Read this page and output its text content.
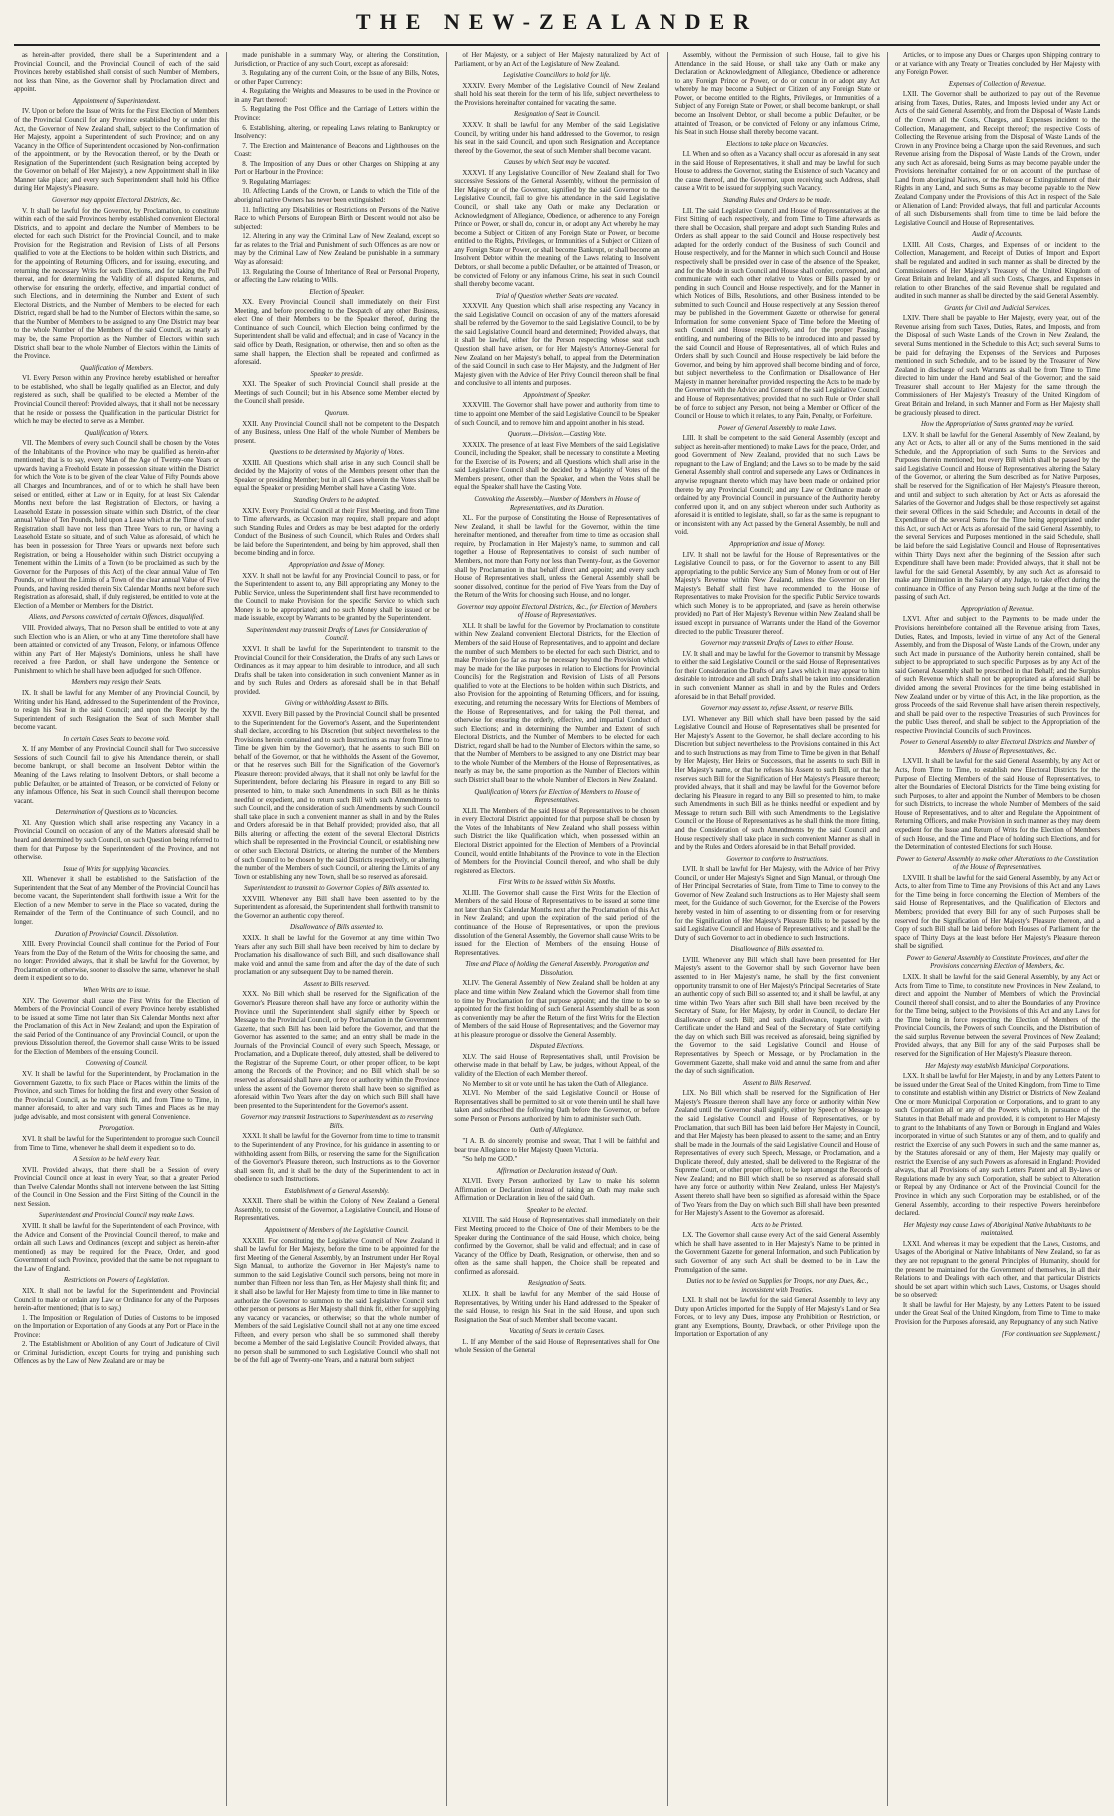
THE NEW-ZEALANDER
as herein-after provided, there shall be a Superintendent and a Provincial Council, and the Provincial Council of each of the said Provinces hereby established shall consist of such Number of Members, not less than Nine, as the Governor shall by Proclamation direct and appoint.
Appointment of Superintendent.
IV. Upon or before the Issue of Writs for the First Election of Members of the Provincial Council for any Province established by or under this Act, the Governor of New Zealand shall, subject to the Confirmation of Her Majesty, appoint a Superintendent of such Province; and on any Vacancy in the Office of Superintendent occasioned by Non-confirmation of the appointment, or by the Revocation thereof, or by the Death or Resignation of the Superintendent (such Resignation being accepted by the Governor on behalf of Her Majesty), a new Appointment shall in like Manner take place; and every such Superintendent shall hold his Office during Her Majesty's Pleasure.
Governor may appoint Electoral Districts, &c.
V. It shall be lawful for the Governor, by Proclamation, to constitute within each of the said Provinces hereby established convenient Electoral Districts, and to appoint and declare the Number of Members to be elected for each such District for the Provincial Council, and to make Provision for the Registration and Revision of Lists of all Persons qualified to vote at the Elections to be holden within such Districts, and for the appointing of Returning Officers, and for issuing, executing, and returning the necessary Writs for such Elections, and for taking the Poll thereat, and for determining the Validity of all disputed Returns, and otherwise for ensuring the orderly, effective, and impartial conduct of such Elections, and in determining the Number and Extent of such Electoral Districts, and the Number of Members to be elected for each District, regard shall be had to the Number of Electors within the same, so that the Number of Members to be assigned to any One District may bear to the whole Number of the Members of the said Council, as nearly as may be, the same Proportion as the Number of Electors within such District shall bear to the whole Number of Electors within the Limits of the Province.
Qualification of Members.
VI. Every Person within any Province hereby established or hereafter to be established, who shall be legally qualified as an Elector, and duly registered as such, shall be qualified to be elected a Member of the Provincial Council thereof: Provided always, that it shall not be necessary that he reside or possess the Qualification in the particular District for which he may be elected to serve as a Member.
Qualification of Voters.
VII. The Members of every such Council shall be chosen by the Votes of the Inhabitants of the Province who may be qualified as herein-after mentioned; that is to say, every Man of the Age of Twenty-one Years or upwards having a Freehold Estate in possession situate within the District for which the Vote is to be given of the clear Value of Fifty Pounds above all Charges and Incumbrances, and of or to which he shall have been seised or entitled, either at Law or in Equity, for at least Six Calendar Months next before the last Registration of Electors, or having a Leasehold Estate in possession situate within such District, of the clear annual Value of Ten Pounds, held upon a Lease which at the Time of such Registration shall have not less than Three Years to run, or having a Leasehold Estate so situate, and of such Value as aforesaid, of which he has been in possession for Three Years or upwards next before such Registration, or being a Householder within such District occupying a Tenement within the Limits of a Town (to be proclaimed as such by the Governor for the Purposes of this Act) of the clear annual Value of Ten Pounds, or without the Limits of a Town of the clear annual Value of Five Pounds, and having resided therein Six Calendar Months next before such Registration as aforesaid, shall, if duly registered, be entitled to vote at the Election of a Member or Members for the District.
Aliens, and Persons convicted of certain Offences, disqualified.
VIII. Provided always, That no Person shall be entitled to vote at any such Election who is an Alien, or who at any Time theretofore shall have been attainted or convicted of any Treason, Felony, or infamous Offence within any Part of Her Majesty's Dominions, unless he shall have received a free Pardon, or shall have undergone the Sentence or Punishment to which he shall have been adjudged for such Offence.
Members may resign their Seats.
IX. It shall be lawful for any Member of any Provincial Council, by Writing under his Hand, addressed to the Superintendent of the Province, to resign his Seat in the said Council; and upon the Receipt by the Superintendent of such Resignation the Seat of such Member shall become vacant.
In certain Cases Seats to become void.
X. If any Member of any Provincial Council shall for Two successive Sessions of such Council fail to give his Attendance therein, or shall become bankrupt, or shall become an Insolvent Debtor within the Meaning of the Laws relating to Insolvent Debtors, or shall become a public Defaulter, or be attainted of Treason, or be convicted of Felony or any infamous Offence, his Seat in such Council shall thereupon become vacant.
Determination of Questions as to Vacancies.
XI. Any Question which shall arise respecting any Vacancy in a Provincial Council on occasion of any of the Matters aforesaid shall be heard and determined by such Council, on such Question being referred to them for that Purpose by the Superintendent of the Province, and not otherwise.
Issue of Writs for supplying Vacancies.
XII. Whenever it shall be established to the Satisfaction of the Superintendent that the Seat of any Member of the Provincial Council has become vacant, the Superintendent shall forthwith issue a Writ for the Election of a new Member to serve in the Place so vacated, during the Remainder of the Term of the Continuance of such Council, and no longer.
Duration of Provincial Council. Dissolution.
XIII. Every Provincial Council shall continue for the Period of Four Years from the Day of the Return of the Writs for choosing the same, and no longer: Provided always, that it shall be lawful for the Governor, by Proclamation or otherwise, sooner to dissolve the same, whenever he shall deem it expedient so to do.
When Writs are to issue.
XIV. The Governor shall cause the First Writs for the Election of Members of the Provincial Council of every Province hereby established to be issued at some Time not later than Six Calendar Months next after the Proclamation of this Act in New Zealand; and upon the Expiration of the said Period of the Continuance of any Provincial Council, or upon the previous Dissolution thereof, the Governor shall cause Writs to be issued for the Election of Members of the ensuing Council.
Convening of Council.
XV. It shall be lawful for the Superintendent, by Proclamation in the Government Gazette, to fix such Place or Places within the limits of the Province, and such Times for holding the first and every other Session of the Provincial Council, as he may think fit, and from Time to Time, in manner aforesaid, to alter and vary such Times and Places as he may judge advisable, and most consistent with general Convenience.
Prorogation.
XVI. It shall be lawful for the Superintendent to prorogue such Council from Time to Time, whenever he shall deem it expedient so to do.
A Session to be held every Year.
XVII. Provided always, that there shall be a Session of every Provincial Council once at least in every Year, so that a greater Period than Twelve Calendar Months shall not intervene between the last Sitting of the Council in One Session and the First Sitting of the Council in the next Session.
Superintendent and Provincial Council may make Laws.
XVIII. It shall be lawful for the Superintendent of each Province, with the Advice and Consent of the Provincial Council thereof, to make and ordain all such Laws and Ordinances (except and subject as herein-after mentioned) as may be required for the Peace, Order, and good Government of such Province, provided that the same be not repugnant to the Law of England.
Restrictions on Powers of Legislation.
XIX. It shall not be lawful for the Superintendent and Provincial Council to make or ordain any Law or Ordinance for any of the Purposes herein-after mentioned; (that is to say,)
1. The Imposition or Regulation of Duties of Customs to be imposed on the Importation or Exportation of any Goods at any Port or Place in the Province:
2. The Establishment or Abolition of any Court of Judicature of Civil or Criminal Jurisdiction, except Courts for trying and punishing such Offences as by the Law of New Zealand are or may be
made punishable in a summary Way, or altering the Constitution, Jurisdiction, or Practice of any such Court, except as aforesaid:
3. Regulating any of the current Coin, or the Issue of any Bills, Notes, or other Paper Currency:
4. Regulating the Weights and Measures to be used in the Province or in any Part thereof:
5. Regulating the Post Office and the Carriage of Letters within the Province:
6. Establishing, altering, or repealing Laws relating to Bankruptcy or Insolvency:
7. The Erection and Maintenance of Beacons and Lighthouses on the Coast:
8. The Imposition of any Dues or other Charges on Shipping at any Port or Harbour in the Province:
9. Regulating Marriages:
10. Affecting Lands of the Crown, or Lands to which the Title of the aboriginal native Owners has never been extinguished:
11. Inflicting any Disabilities or Restrictions on Persons of the Native Race to which Persons of European Birth or Descent would not also be subjected:
12. Altering in any way the Criminal Law of New Zealand, except so far as relates to the Trial and Punishment of such Offences as are now or may by the Criminal Law of New Zealand be punishable in a summary Way as aforesaid:
13. Regulating the Course of Inheritance of Real or Personal Property, or affecting the Law relating to Wills.
Election of Speaker.
XX. Every Provincial Council shall immediately on their First Meeting, and before proceeding to the Despatch of any other Business, elect One of their Members to be the Speaker thereof, during the Continuance of such Council, which Election being confirmed by the Superintendent shall be valid and effectual; and in case of Vacancy in the said office by Death, Resignation, or otherwise, then and so often as the same shall happen, the Election shall be repeated and confirmed as aforesaid.
Speaker to preside.
XXI. The Speaker of such Provincial Council shall preside at the Meetings of such Council; but in his Absence some Member elected by the Council shall preside.
Quorum.
XXII. Any Provincial Council shall not be competent to the Despatch of any Business, unless One Half of the whole Number of Members be present.
Questions to be determined by Majority of Votes.
XXIII. All Questions which shall arise in any such Council shall be decided by the Majority of votes of the Members present other than the Speaker or presiding Member; but in all Cases wherein the Votes shall be equal the Speaker or presiding Member shall have a Casting Vote.
Standing Orders to be adopted.
XXIV. Every Provincial Council at their First Meeting, and from Time to Time afterwards, as Occasion may require, shall prepare and adopt such Standing Rules and Orders as may be best adapted for the orderly Conduct of the Business of such Council, which Rules and Orders shall be laid before the Superintendent, and being by him approved, shall then become binding and in force.
Appropriation and Issue of Money.
XXV. It shall not be lawful for any Provincial Council to pass, or for the Superintendent to assent to, any Bill appropriating any Money to the Public Service, unless the Superintendent shall first have recommended to the Council to make Provision for the specific Service to which such Money is to be appropriated; and no such Money shall be issued or be made issuable, except by Warrants to be granted by the Superintendent.
Superintendent may transmit Drafts of Laws for Consideration of Council.
XXVI. It shall be lawful for the Superintendent to transmit to the Provincial Council for their Consideration, the Drafts of any such Laws or Ordinances as it may appear to him desirable to introduce, and all such Drafts shall be taken into consideration in such convenient Manner as in and by such Rules and Orders as aforesaid shall be in that Behalf provided.
Giving or withholding Assent to Bills.
XXVII. Every Bill passed by the Provincial Council shall be presented to the Superintendent for the Governor's Assent, and the Superintendent shall declare, according to his Discretion (but subject nevertheless to the Provisions herein contained and to such Instructions as may from Time to Time be given him by the Governor), that he assents to such Bill on behalf of the Governor, or that he withholds the Assent of the Governor, or that he reserves such Bill for the Signification of the Governor's Pleasure thereon: provided always, that it shall not only be lawful for the Superintendent, before declaring his Pleasure in regard to any Bill so presented to him, to make such Amendments in such Bill as he thinks needful or expedient, and to return such Bill with such Amendments to such Council, and the consideration of such Amendments by such Council shall take place in such a convenient manner as shall in and by the Rules and Orders aforesaid be in that Behalf provided; provided also, that all Bills altering or affecting the extent of the several Electoral Districts which shall be represented in the Provincial Council, or establishing new or other such Electoral Districts, or altering the number of the Members of such Council to be chosen by the said Districts respectively, or altering the number of the Members of such Council, or altering the Limits of any Town or establishing any new Town, shall be so reserved as aforesaid.
Superintendent to transmit to Governor Copies of Bills assented to.
XXVIII. Whenever any Bill shall have been assented to by the Superintendent as aforesaid, the Superintendent shall forthwith transmit to the Governor an authentic copy thereof.
Disallowance of Bills assented to.
XXIX. It shall be lawful for the Governor at any time within Two Years after any such Bill shall have been received by him to declare by Proclamation his disallowance of such Bill, and such disallowance shall make void and annul the same from and after the day of the date of such proclamation or any subsequent Day to be named therein.
Assent to Bills reserved.
XXX. No Bill which shall be reserved for the Signification of the Governor's Pleasure thereon shall have any force or authority within the Province until the Superintendent shall signify either by Speech or Message to the Provincial Council, or by Proclamation in the Government Gazette, that such Bill has been laid before the Governor, and that the Governor has assented to the same; and an entry shall be made in the Journals of the Provincial Council of every such Speech, Message, or Proclamation, and a Duplicate thereof, duly attested, shall be delivered to the Registrar of the Supreme Court, or other proper officer, to be kept among the Records of the Province; and no Bill which shall be so reserved as aforesaid shall have any force or authority within the Province unless the assent of the Governor thereto shall have been so signified as aforesaid within Two Years after the day on which such Bill shall have been presented to the Superintendent for the Governor's assent.
Governor may transmit Instructions to Superintendent as to reserving Bills.
XXXI. It shall be lawful for the Governor from time to time to transmit to the Superintendent of any Province, for his guidance in assenting to or withholding assent from Bills, or reserving the same for the Signification of the Governor's Pleasure thereon, such Instructions as to the Governor shall seem fit, and it shall be the duty of the Superintendent to act in obedience to such Instructions.
Establishment of a General Assembly.
XXXII. There shall be within the Colony of New Zealand a General Assembly, to consist of the Governor, a Legislative Council, and House of Representatives.
Appointment of Members of the Legislative Council.
XXXIII. For constituting the Legislative Council of New Zealand it shall be lawful for Her Majesty, before the time to be appointed for the first Meeting of the General Assembly, by an Instrument under Her Royal Sign Manual, to authorize the Governor in Her Majesty's name to summon to the said Legislative Council such persons, being not more in number than Fifteen nor less than Ten, as Her Majesty shall think fit; and it shall also be lawful for Her Majesty from time to time in like manner to authorize the Governor to summon to the said Legislative Council such other person or persons as Her Majesty shall think fit, either for supplying any vacancy or vacancies, or otherwise; so that the whole number of Members of the said Legislative Council shall not at any one time exceed Fifteen, and every person who shall be so summoned shall thereby become a Member of the said Legislative Council: Provided always, that no person shall be summoned to such Legislative Council who shall not be of the full age of Twenty-one Years, and a natural born subject
of Her Majesty, or a subject of Her Majesty naturalized by Act of Parliament, or by an Act of the Legislature of New Zealand.
Legislative Councillors to hold for life.
XXXIV. Every Member of the Legislative Council of New Zealand shall hold his seat therein for the term of his life, subject nevertheless to the Provisions hereinafter contained for vacating the same.
Resignation of Seat in Council.
XXXV. It shall be lawful for any Member of the said Legislative Council, by writing under his hand addressed to the Governor, to resign his seat in the said Council, and upon such Resignation and Acceptance thereof by the Governor, the seat of such Member shall become vacant.
Causes by which Seat may be vacated.
XXXVI. If any Legislative Councillor of New Zealand shall for Two successive Sessions of the General Assembly, without the permission of Her Majesty or of the Governor, signified by the said Governor to the Legislative Council, fail to give his attendance in the said Legislative Council, or shall take any Oath or make any Declaration or Acknowledgment of Allegiance, Obedience, or adherence to any Foreign Prince or Power, or shall do, concur in, or adopt any Act whereby he may become a Subject or Citizen of any Foreign State or Power, or become entitled to the Rights, Privileges, or Immunities of a Subject or Citizen of any Foreign State or Power, or shall become Bankrupt, or shall become an Insolvent Debtor within the meaning of the Laws relating to Insolvent Debtors, or shall become a public Defaulter, or be attainted of Treason, or be convicted of Felony or any infamous Crime, his seat in such Council shall thereby become vacant.
Trial of Question whether Seats are vacated.
XXXVII. Any Question which shall arise respecting any Vacancy in the said Legislative Council on occasion of any of the matters aforesaid shall be referred by the Governor to the said Legislative Council, to be by the said Legislative Council heard and determined; Provided always, that it shall be lawful, either for the Person respecting whose seat such Question shall have arisen, or for Her Majesty's Attorney-General for New Zealand on her Majesty's behalf, to appeal from the Determination of the said Council in such case to Her Majesty, and the Judgment of Her Majesty given with the Advice of Her Privy Council thereon shall be final and conclusive to all intents and purposes.
Appointment of Speaker.
XXXVIII. The Governor shall have power and authority from time to time to appoint one Member of the said Legislative Council to be Speaker of such Council, and to remove him and appoint another in his stead.
Quorum.—Division.—Casting Vote.
XXXIX. The presence of at least Five Members of the said Legislative Council, including the Speaker, shall be necessary to constitute a Meeting for the Exercise of its Powers; and all Questions which shall arise in the said Legislative Council shall be decided by a Majority of Votes of the Members present, other than the Speaker, and when the Votes shall be equal the Speaker shall have the Casting Vote.
Convoking the Assembly.—Number of Members in House of Representatives, and its Duration.
XL. For the purpose of Constituting the House of Representatives of New Zealand, it shall be lawful for the Governor, within the time hereinafter mentioned, and thereafter from time to time as occasion shall require, by Proclamation in Her Majesty's name, to summon and call together a House of Representatives to consist of such number of Members, not more than Forty nor less than Twenty-four, as the Governor shall by Proclamation in that behalf direct and appoint; and every such House of Representatives shall, unless the General Assembly shall be sooner dissolved, continue for the period of Five Years from the Day of the Return of the Writs for choosing such House, and no longer.
Governor may appoint Electoral Districts, &c., for Election of Members of House of Representatives.
XLI. It shall be lawful for the Governor by Proclamation to constitute within New Zealand convenient Electoral Districts, for the Election of Members of the said House of Representatives, and to appoint and declare the number of such Members to be elected for each such District, and to make Provision (so far as may be necessary beyond the Provision which may be made for the like purposes in relation to Elections for Provincial Councils) for the Registration and Revision of Lists of all Persons qualified to vote at the Elections to be holden within such Districts, and also Provision for the appointing of Returning Officers, and for issuing, executing, and returning the necessary Writs for Elections of Members of the House of Representatives, and for taking the Poll thereat, and otherwise for ensuring the orderly, effective, and impartial Conduct of such Elections; and in determining the Number and Extent of such Electoral Districts, and the Number of Members to be elected for each District, regard shall be had to the Number of Electors within the same, so that the Number of Members to be assigned to any one District may bear to the whole Number of the Members of the House of Representatives, as nearly as may be, the same proportion as the Number of Electors within such District shall bear to the whole Number of Electors in New Zealand.
Qualification of Voters for Election of Members to House of Representatives.
XLII. The Members of the said House of Representatives to be chosen in every Electoral District appointed for that purpose shall be chosen by the Votes of the Inhabitants of New Zealand who shall possess within such District the like Qualification which, when possessed within an Electoral District appointed for the Election of Members of a Provincial Council, would entitle Inhabitants of the Province to vote in the Election of Members for the Provincial Council thereof, and who shall be duly registered as Electors.
First Writs to be issued within Six Months.
XLIII. The Governor shall cause the First Writs for the Election of Members of the said House of Representatives to be issued at some time not later than Six Calendar Months next after the Proclamation of this Act in New Zealand; and upon the expiration of the said period of the continuance of the House of Representatives, or upon the previous dissolution of the General Assembly, the Governor shall cause Writs to be issued for the Election of Members of the ensuing House of Representatives.
Time and Place of holding the General Assembly. Prorogation and Dissolution.
XLIV. The General Assembly of New Zealand shall be holden at any place and time within New Zealand which the Governor shall from time to time by Proclamation for that purpose appoint; and the time to be so appointed for the first holding of such General Assembly shall be as soon as conveniently may be after the Return of the first Writs for the Election of Members of the said House of Representatives; and the Governor may at his pleasure prorogue or dissolve the General Assembly.
Disputed Elections.
XLV. The said House of Representatives shall, until Provision be otherwise made in that behalf by Law, be judges, without Appeal, of the validity of the Election of each Member thereof.
No Member to sit or vote until he has taken the Oath of Allegiance.
XLVI. No Member of the said Legislative Council or House of Representatives shall be permitted to sit or vote therein until he shall have taken and subscribed the following Oath before the Governor, or before some Person or Persons authorized by him to administer such Oath.
Oath of Allegiance.
"I A. B. do sincerely promise and swear, That I will be faithful and bear true Allegiance to Her Majesty Queen Victoria.
"So help me GOD."
Affirmation or Declaration instead of Oath.
XLVII. Every Person authorized by Law to make his solemn Affirmation or Declaration instead of taking an Oath may make such Affirmation or Declaration in lieu of the said Oath.
Speaker to be elected.
XLVIII. The said House of Representatives shall immediately on their First Meeting proceed to the Choice of One of their Members to be the Speaker during the Continuance of the said House, which choice, being confirmed by the Governor, shall be valid and effectual; and in case of Vacancy of the Office by Death, Resignation, or otherwise, then and so often as the same shall happen, the Choice shall be repeated and confirmed as aforesaid.
Resignation of Seats.
XLIX. It shall be lawful for any Member of the said House of Representatives, by Writing under his Hand addressed to the Speaker of the said House, to resign his Seat in the said House, and upon such Resignation the Seat of such Member shall become vacant.
Vacating of Seats in certain Cases.
L. If any Member of the said House of Representatives shall for One whole Session of the General
Assembly, without the Permission of such House, fail to give his Attendance in the said House, or shall take any Oath or make any Declaration or Acknowledgment of Allegiance, Obedience or adherence to any Foreign Prince or Power, or do or concur in or adopt any Act whereby he may become a Subject or Citizen of any Foreign State or Power, or become entitled to the Rights, Privileges, or Immunities of a Subject of any Foreign State or Power, or shall become bankrupt, or shall become an Insolvent Debtor, or shall become a public Defaulter, or be attainted of Treason, or be convicted of Felony or any infamous Crime, his Seat in such House shall thereby become vacant.
Elections to take place on Vacancies.
LI. When and so often as a Vacancy shall occur as aforesaid in any seat in the said House of Representatives, it shall and may be lawful for such House to address the Governor, stating the Existence of such Vacancy and the cause thereof, and the Governor, upon receiving such Address, shall cause a Writ to be issued for supplying such Vacancy.
Standing Rules and Orders to be made.
LII. The said Legislative Council and House of Representatives at the First Sitting of each respectively, and from Time to Time afterwards as there shall be Occasion, shall prepare and adopt such Standing Rules and Orders as shall appear to the said Council and House respectively best adapted for the orderly conduct of the Business of such Council and House respectively, and for the Manner in which such Council and House respectively shall be presided over in case of the absence of the Speaker, and for the Mode in such Council and House shall confer, correspond, and communicate with each other relative to Votes or Bills passed by or pending in such Council and House respectively, and for the Manner in which Notices of Bills, Resolutions, and other Business intended to be submitted to such Council and House respectively at any Session thereof may be published in the Government Gazette or otherwise for general Information for some convenient Space of Time before the Meeting of such Council and House respectively, and for the proper Passing, entitling, and numbering of the Bills to be introduced into and passed by the said Council and House of Representatives, all of which Rules and Orders shall by such Council and House respectively be laid before the Governor, and being by him approved shall become binding and of force, but subject nevertheless to the Confirmation or Disallowance of Her Majesty in manner hereinafter provided respecting the Acts to be made by the Governor with the Advice and Consent of the said Legislative Council and House of Representatives; provided that no such Rule or Order shall be of force to subject any Person, not being a Member or Officer of the Council or House to which it relates, to any Pain, Penalty, or Forfeiture.
Power of General Assembly to make Laws.
LIII. It shall be competent to the said General Assembly (except and subject as herein-after mentioned) to make Laws for the peace, Order, and good Government of New Zealand, provided that no such Laws be repugnant to the Law of England; and the Laws so to be made by the said General Assembly shall control and supersede any Laws or Ordinances in anywise repugnant thereto which may have been made or ordained prior thereto by any Provincial Council; and any Law or Ordinance made or ordained by any Provincial Council in pursuance of the Authority hereby conferred upon it, and on any subject whereon under such Authority as aforesaid it is entitled to legislate, shall, so far as the same is repugnant to or inconsistent with any Act passed by the General Assembly, be null and void.
Appropriation and issue of Money.
LIV. It shall not be lawful for the House of Representatives or the Legislative Council to pass, or for the Governor to assent to any Bill appropriating to the public Service any Sum of Money from or out of Her Majesty's Revenue within New Zealand, unless the Governor on Her Majesty's Behalf shall first have recommended to the House of Representatives to make Provision for the specific Public Service towards which such Money is to be appropriated, and (save as herein otherwise provided) no Part of Her Majesty's Revenue within New Zealand shall be issued except in pursuance of Warrants under the Hand of the Governor directed to the public Treasurer thereof.
Governor may transmit Drafts of Laws to either House.
LV. It shall and may be lawful for the Governor to transmit by Message to either the said Legislative Council or the said House of Representatives for their Consideration the Drafts of any Laws which it may appear to him desirable to introduce and all such Drafts shall be taken into consideration in such convenient Manner as shall in and by the Rules and Orders aforesaid be in that Behalf provided.
Governor may assent to, refuse Assent, or reserve Bills.
LVI. Whenever any Bill which shall have been passed by the said Legislative Council and House of Representatives shall be presented for Her Majesty's Assent to the Governor, he shall declare according to his Discretion but subject nevertheless to the Provisions contained in this Act and to such Instructions as may from Time to Time be given in that Behalf by Her Majesty, Her Heirs or Successors, that he assents to such Bill in Her Majesty's name, or that he refuses his Assent to such Bill, or that he reserves such Bill for the Signification of Her Majesty's Pleasure thereon; provided always, that it shall and may be lawful for the Governor before declaring his Pleasure in regard to any Bill so presented to him, to make such Amendments in such Bill as he thinks needful or expedient and by Message to return such Bill with such Amendments to the Legislative Council or the House of Representatives as he shall think the more fitting, and the Consideration of such Amendments by the said Council and House respectively shall take place in such convenient Manner as shall in and by the Rules and Orders aforesaid be in that Behalf provided.
Governor to conform to Instructions.
LVII. It shall be lawful for Her Majesty, with the Advice of her Privy Council, or under Her Majesty's Signet and Sign Manual, or through One of Her Principal Secretaries of State, from Time to Time to convey to the Governor of New Zealand such Instructions as to Her Majesty shall seem meet, for the Guidance of such Governor, for the Exercise of the Powers hereby vested in him of assenting to or dissenting from or for reserving for the Signification of Her Majesty's Pleasure Bills to be passed by the said Legislative Council and House of Representatives; and it shall be the Duty of such Governor to act in obedience to such Instructions.
Disallowance of Bills assented to.
LVIII. Whenever any Bill which shall have been presented for Her Majesty's assent to the Governor shall by such Governor have been assented to in Her Majesty's name, he shall by the first convenient opportunity transmit to one of Her Majesty's Principal Secretaries of State an authentic copy of such Bill so assented to; and it shall be lawful, at any time within Two Years after such Bill shall have been received by the Secretary of State, for Her Majesty, by order in Council, to declare Her disallowance of such Bill; and such disallowance, together with a Certificate under the Hand and Seal of the Secretary of State certifying the day on which such Bill was received as aforesaid, being signified by the Governor to the said Legislative Council and House of Representatives by Speech or Message, or by Proclamation in the Government Gazette, shall make void and annul the same from and after the day of such signification.
Assent to Bills Reserved.
LIX. No Bill which shall be reserved for the Signification of Her Majesty's Pleasure thereon shall have any force or authority within New Zealand until the Governor shall signify, either by Speech or Message to the said Legislative Council and House of Representatives, or by Proclamation, that such Bill has been laid before Her Majesty in Council, and that Her Majesty has been pleased to assent to the same; and an Entry shall be made in the Journals of the said Legislative Council and House of Representatives of every such Speech, Message, or Proclamation, and a Duplicate thereof, duly attested, shall be delivered to the Registrar of the Supreme Court, or other proper officer, to be kept amongst the Records of New Zealand; and no Bill which shall be so reserved as aforesaid shall have any force or authority within New Zealand, unless Her Majesty's Assent thereto shall have been so signified as aforesaid within the Space of Two Years from the Day on which such Bill shall have been presented for Her Majesty's Assent to the Governor as aforesaid.
Acts to be Printed.
LX. The Governor shall cause every Act of the said General Assembly which he shall have assented to in Her Majesty's Name to be printed in the Government Gazette for general Information, and such Publication by such Governor of any such Act shall be deemed to be in Law the Promulgation of the same.
Duties not to be levied on Supplies for Troops, nor any Dues, &c., inconsistent with Treaties.
LXI. It shall not be lawful for the said General Assembly to levy any Duty upon Articles imported for the Supply of Her Majesty's Land or Sea Forces, or to levy any Dues, impose any Prohibition or Restriction, or grant any Exemptions, Bounty, Drawback, or other Privilege upon the Importation or Exportation of any
Articles, or to impose any Dues or Charges upon Shipping contrary to or at variance with any Treaty or Treaties concluded by Her Majesty with any Foreign Power.
Expenses of Collection of Revenue.
LXII. The Governor shall be authorized to pay out of the Revenue arising from Taxes, Duties, Rates, and Imposts levied under any Act or Acts of the said General Assembly, and from the Disposal of Waste Lands of the Crown all the Costs, Charges, and Expenses incident to the Collection, Management, and Receipt thereof; the respective Costs of Collecting the Revenue arising from the Disposal of Waste Lands of the Crown in any Province being a Charge upon the said Revenues, and such Revenue arising from the Disposal of Waste Lands of the Crown, under any such Act as aforesaid, being Sums as may become payable under the Provisions hereinafter contained for or on account of the purchase of Land from aboriginal Natives, or the Release or Extinguishment of their Rights in any Land, and such Sums as may become payable to the New Zealand Company under the Provisions of this Act in respect of the Sale or Alienation of Land: Provided always, that full and particular Accounts of all such Disbursements shall from time to time be laid before the Legislative Council and House of Representatives.
Audit of Accounts.
LXIII. All Costs, Charges, and Expenses of or incident to the Collection, Management, and Receipt of Duties of Import and Export shall be regulated and audited in such manner as shall be directed by the Commissioners of Her Majesty's Treasury of the United Kingdom of Great Britain and Ireland, and all such Costs, Charges, and Expenses in relation to other Branches of the said Revenue shall be regulated and audited in such manner as shall be directed by the said General Assembly.
Grants for Civil and Judicial Services.
LXIV. There shall be payable to Her Majesty, every year, out of the Revenue arising from such Taxes, Duties, Rates, and Imposts, and from the Disposal of such Waste Lands of the Crown in New Zealand, the several Sums mentioned in the Schedule to this Act; such several Sums to be paid for defraying the Expenses of the Services and Purposes mentioned in such Schedule, and to be issued by the Treasurer of New Zealand in discharge of such Warrants as shall be from Time to Time directed to him under the Hand and Seal of the Governor; and the said Treasurer shall account to Her Majesty for the same through the Commissioners of Her Majesty's Treasury of the United Kingdom of Great Britain and Ireland, in such Manner and Form as Her Majesty shall be graciously pleased to direct.
How the Appropriation of Sums granted may be varied.
LXV. It shall be lawful for the General Assembly of New Zealand, by any Act or Acts, to alter all or any of the Sums mentioned in the said Schedule, and the Appropriation of such Sums to the Services and Purposes therein mentioned; but every Bill which shall be passed by the said Legislative Council and House of Representatives altering the Salary of the Governor, or altering the Sum described as for Native Purposes, shall be reserved for the Signification of Her Majesty's Pleasure thereon, and until and subject to such alteration by Act or Acts as aforesaid the Salaries of the Governor and Judges shall be those respectively set against their several Offices in the said Schedule; and Accounts in detail of the Expenditure of the several Sums for the Time being appropriated under this Act, or such Act or Acts as aforesaid of the said General Assembly, to the several Services and Purposes mentioned in the said Schedule, shall be laid before the said Legislative Council and House of Representatives within Thirty Days next after the beginning of the Session after such Expenditure shall have been made: Provided always, that it shall not be lawful for the said General Assembly, by any such Act as aforesaid to make any Diminution in the Salary of any Judge, to take effect during the continuance in Office of any Person being such Judge at the time of the passing of such Act.
Appropriation of Revenue.
LXVI. After and subject to the Payments to be made under the Provisions hereinbefore contained all the Revenue arising from Taxes, Duties, Rates, and Imposts, levied in virtue of any Act of the General Assembly, and from the Disposal of Waste Lands of the Crown, under any such Act made in pursuance of the Authority herein contained, shall be subject to be appropriated to such specific Purposes as by any Act of the said General Assembly shall be prescribed in that Behalf; and the Surplus of such Revenue which shall not be appropriated as aforesaid shall be divided among the several Provinces for the time being established in New Zealand under or by virtue of this Act, in the like proportion, as the gross Proceeds of the said Revenue shall have arisen therein respectively, and shall be paid over to the respective Treasuries of such Provinces for the public Uses thereof, and shall be subject to the Appropriation of the respective Provincial Councils of such Provinces.
Power to General Assembly to alter Electoral Districts and Number of Members of House of Representatives, &c.
LXVII. It shall be lawful for the said General Assembly, by any Act or Acts, from Time to Time, to establish new Electoral Districts for the Purpose of Electing Members of the said House of Representatives, to alter the Boundaries of Electoral Districts for the Time being existing for such Purposes, to alter and appoint the Number of Members to be chosen for such Districts, to increase the whole Number of Members of the said House of Representatives, and to alter and Regulate the Appointment of Returning Officers, and make Provision in such manner as they may deem expedient for the Issue and Return of Writs for the Election of Members of such House, and the Time and Place of holding such Elections, and for the Determination of contested Elections for such House.
Power to General Assembly to make other Alterations to the Constitution of the House of Representatives.
LXVIII. It shall be lawful for the said General Assembly, by any Act or Acts, to alter from Time to Time any Provisions of this Act and any Laws for the Time being in force concerning the Election of Members of the said House of Representatives, and the Qualification of Electors and Members; provided that every Bill for any of such Purposes shall be reserved for the Signification of Her Majesty's Pleasure thereon, and a Copy of such Bill shall be laid before both Houses of Parliament for the space of Thirty Days at the least before Her Majesty's Pleasure thereon shall be signified.
Power to General Assembly to Constitute Provinces, and alter the Provisions concerning Election of Members, &c.
LXIX. It shall be lawful for the said General Assembly, by any Act or Acts from Time to Time, to constitute new Provinces in New Zealand, to direct and appoint the Number of Members of which the Provincial Council thereof shall consist, and to alter the Boundaries of any Province for the Time being, subject to the Provisions of this Act and any Laws for the Time being in force respecting the Election of Members of the Provincial Councils, the Powers of such Councils, and the Distribution of the said surplus Revenue between the several Provinces of New Zealand; Provided always, that any Bill for any of the said Purposes shall be reserved for the Signification of Her Majesty's Pleasure thereon.
Her Majesty may establish Municipal Corporations.
LXX. It shall be lawful for Her Majesty, in and by any Letters Patent to be issued under the Great Seal of the United Kingdom, from Time to Time to constitute and establish within any District or Districts of New Zealand One or more Municipal Corporation or Corporations, and to grant to any such Corporation all or any of the Powers which, in pursuance of the Statutes in that Behalf made and provided, it is competent to Her Majesty to grant to the Inhabitants of any Town or Borough in England and Wales incorporated in virtue of such Statutes or any of them, and to qualify and restrict the Exercise of any such Powers in such and the same manner as, by the Statutes aforesaid or any of them, Her Majesty may qualify or restrict the Exercise of any such Powers as aforesaid in England: Provided always, that all Provisions of any such Letters Patent and all By-laws or Regulations made by any such Corporation, shall be subject to Alteration or Repeal by any Ordinance or Act of the Provincial Council for the Province in which any such Corporation may be established, or of the General Assembly, according to their respective Powers hereinbefore declared.
Her Majesty may cause Laws of Aboriginal Native Inhabitants to be maintained.
LXXI. And whereas it may be expedient that the Laws, Customs, and Usages of the Aboriginal or Native Inhabitants of New Zealand, so far as they are not repugnant to the general Principles of Humanity, should for the present be maintained for the Government of themselves, in all their Relations to and Dealings with each other, and that particular Districts should be set apart within which such Laws, Customs, or Usages should be so observed:
It shall be lawful for Her Majesty, by any Letters Patent to be issued under the Great Seal of the United Kingdom, from Time to Time to make Provision for the Purposes aforesaid, any Repugnancy of any such Native
[For continuation see Supplement.]
